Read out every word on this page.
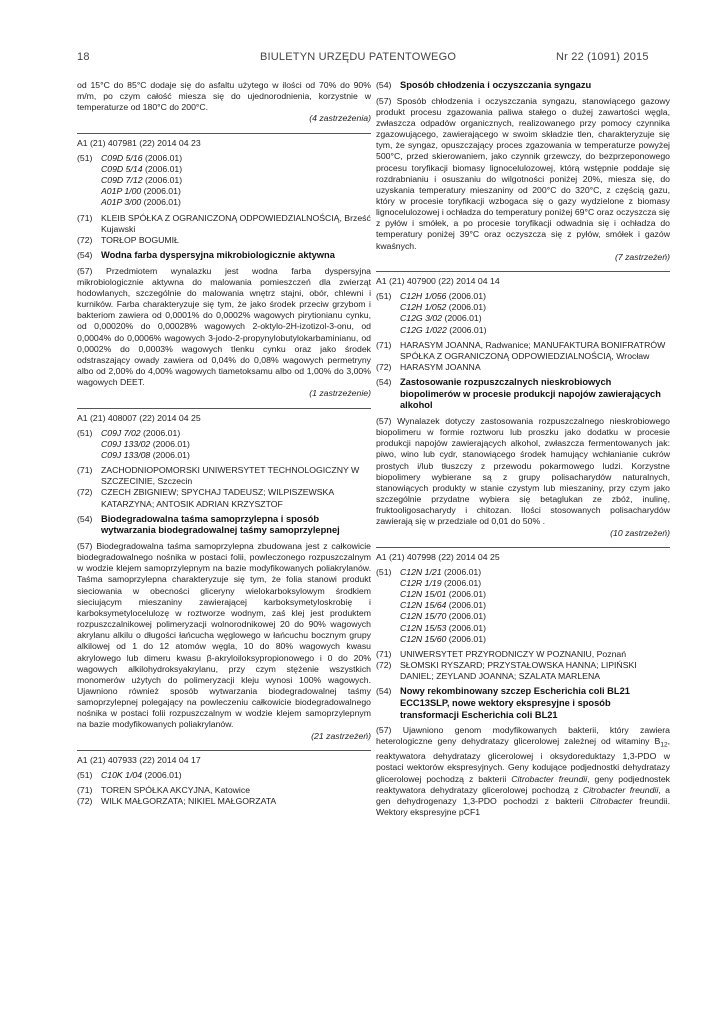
18	BIULETYN URZĘDU PATENTOWEGO	Nr 22 (1091) 2015

od 15°C do 85°C dodaje się do asfaltu użytego w ilości od 70% do 90% m/m, po czym całość miesza się do ujednorodnienia, korzystnie w temperaturze od 180°C do 200°C.

(4 zastrzeżenia)

A1 (21) 407981 (22) 2014 04 23

(51) C09D 5/16 (2006.01)
C09D 5/14 (2006.01)
C09D 7/12 (2006.01)
A01P 1/00 (2006.01)
A01P 3/00 (2006.01)
(71) KLEIB SPÓŁKA Z OGRANICZONĄ ODPOWIEDZIALNOŚCIĄ, Brześć Kujawski
(72) TORŁOP BOGUMIŁ
(54) Wodna farba dyspersyjna mikrobiologicznie aktywna
(57) Przedmiotem wynalazku jest wodna farba dyspersyjna mikrobiologicznie aktywna do malowania pomieszczeń dla zwierząt hodowlanych, szczególnie do malowania wnętrz stajni, obór, chlewni i kurników. Farba charakteryzuje się tym, że jako środek przeciw grzybom i bakteriom zawiera od 0,0001% do 0,0002% wagowych pirytionianu cynku, od 0,00020% do 0,00028% wagowych 2-oktylo-2H-izotizol-3-onu, od 0,0004% do 0,0006% wagowych 3-jodo-2-propynylobutylokarbaminianu, od 0,0002% do 0,0003% wagowych tlenku cynku oraz jako środek odstraszający owady zawiera od 0,04% do 0,08% wagowych permetryny albo od 2,00% do 4,00% wagowych tiametoksamu albo od 1,00% do 3,00% wagowych DEET.

(1 zastrzeżenie)

A1 (21) 408007 (22) 2014 04 25

(51) C09J 7/02 (2006.01)
C09J 133/02 (2006.01)
C09J 133/08 (2006.01)
(71) ZACHODNIOPOMORSKI UNIWERSYTET TECHNOLOGICZNY W SZCZECINIE, Szczecin
(72) CZECH ZBIGNIEW; SPYCHAJ TADEUSZ; WILPISZEWSKA KATARZYNA; ANTOSIK ADRIAN KRZYSZTOF
(54) Biodegradowalna taśma samoprzylepna i sposób wytwarzania biodegradowalnej taśmy samoprzylepnej
(57) Biodegradowalna taśma samoprzylepna zbudowana jest z całkowicie biodegradowalnego nośnika w postaci folii, powleczonego rozpuszczalnym w wodzie klejem samoprzylepnym na bazie modyfikowanych poliakrylanów. Taśma samoprzylepna charakteryzuje się tym, że folia stanowi produkt sieciowania w obecności gliceryny wielokarboksylowym środkiem sieciującym mieszaniny zawierającej karboksymetyloskrobię i karboksymetylocelulozę w roztworze wodnym, zaś klej jest produktem rozpuszczalnikowej polimeryzacji wolnorodnikowej 20 do 90% wagowych akrylanu alkilu o długości łańcucha węglowego w łańcuchu bocznym grupy alkilowej od 1 do 12 atomów węgla, 10 do 80% wagowych kwasu akrylowego lub dimeru kwasu β-akryloiloksypropionowego i 0 do 20% wagowych alkilohydroksyakrylanu, przy czym stężenie wszystkich monomerów użytych do polimeryzacji kleju wynosi 100% wagowych. Ujawniono również sposób wytwarzania biodegradowalnej taśmy samoprzylepnej polegający na powleczeniu całkowicie biodegradowalnego nośnika w postaci folii rozpuszczalnym w wodzie klejem samoprzylepnym na bazie modyfikowanych poliakrylanów.

(21 zastrzeżeń)

A1 (21) 407933 (22) 2014 04 17

(51) C10K 1/04 (2006.01)
(71) TOREN SPÓŁKA AKCYJNA, Katowice
(72) WILK MAŁGORZATA; NIKIEL MAŁGORZATA
(54) Sposób chłodzenia i oczyszczania syngazu
(57) Sposób chłodzenia i oczyszczania syngazu, stanowiącego gazowy produkt procesu zgazowania paliwa stałego o dużej zawartości węgla, zwłaszcza odpadów organicznych, realizowanego przy pomocy czynnika zgazowującego, zawierającego w swoim składzie tlen, charakteryzuje się tym, że syngaz, opuszczający proces zgazowania w temperaturze powyżej 500°C, przed skierowaniem, jako czynnik grzewczy, do bezprzeponowego procesu toryfikacji biomasy lignocelulozowej, którą wstępnie poddaje się rozdrabnianiu i osuszaniu do wilgotności poniżej 20%, miesza się, do uzyskania temperatury mieszaniny od 200°C do 320°C, z częścią gazu, który w procesie toryfikacji wzbogaca się o gazy wydzielone z biomasy lignocelulozowej i ochładza do temperatury poniżej 69°C oraz oczyszcza się z pyłów i smółek, a po procesie toryfikacji odwadnia się i ochładza do temperatury poniżej 39°C oraz oczyszcza się z pyłów, smółek i gazów kwaśnych.

(7 zastrzeżeń)

A1 (21) 407900 (22) 2014 04 14

(51) C12H 1/056 (2006.01)
C12H 1/052 (2006.01)
C12G 3/02 (2006.01)
C12G 1/022 (2006.01)
(71) HARASYM JOANNA, Radwanice; MANUFAKTURA BONIFRATRÓW SPÓŁKA Z OGRANICZONĄ ODPOWIEDZIALNOŚCIĄ, Wrocław
(72) HARASYM JOANNA
(54) Zastosowanie rozpuszczalnych nieskrobiowych biopolimerów w procesie produkcji napojów zawierających alkohol
(57) Wynalazek dotyczy zastosowania rozpuszczalnego nieskrobiowego biopolimeru w formie roztworu lub proszku jako dodatku w procesie produkcji napojów zawierających alkohol, zwłaszcza fermentowanych jak: piwo, wino lub cydr, stanowiącego środek hamujący wchłanianie cukrów prostych i/lub tłuszczy z przewodu pokarmowego ludzi. Korzystne biopolimery wybierane są z grupy polisacharydów naturalnych, stanowiących produkty w stanie czystym lub mieszaniny, przy czym jako szczególnie przydatne wybiera się betaglukan ze zbóż, inulinę, fruktooligosacharydy i chitozan. Ilości stosowanych polisacharydów zawierają się w przedziale od 0,01 do 50% .

(10 zastrzeżeń)

A1 (21) 407998 (22) 2014 04 25

(51) C12N 1/21 (2006.01)
C12R 1/19 (2006.01)
C12N 15/01 (2006.01)
C12N 15/64 (2006.01)
C12N 15/70 (2006.01)
C12N 15/53 (2006.01)
C12N 15/60 (2006.01)
(71) UNIWERSYTET PRZYRODNICZY W POZNANIU, Poznań
(72) SŁOMSKI RYSZARD; PRZYSTAŁOWSKA HANNA; LIPIŃSKI DANIEL; ZEYLAND JOANNA; SZALATA MARLENA
(54) Nowy rekombinowany szczep Escherichia coli BL21 ECC13SLP, nowe wektory ekspresyjne i sposób transformacji Escherichia coli BL21
(57) Ujawniono genom modyfikowanych bakterii, który zawiera heterologiczne geny dehydratazy glicerolowej zależnej od witaminy $B_{12}$, reaktywatora dehydratazy glicerolowej i oksydoreduktazy 1,3-PDO w postaci wektorów ekspresyjnych. Geny kodujące podjednostki dehydratazy glicerolowej pochodzą z bakterii Citrobacter freundii, geny podjednostek reaktywatora dehydratazy glicerolowej pochodzą z Citrobacter freundii, a gen dehydrogenazy 1,3-PDO pochodzi z bakterii Citrobacter freundii. Wektory ekspresyjne pCF1
